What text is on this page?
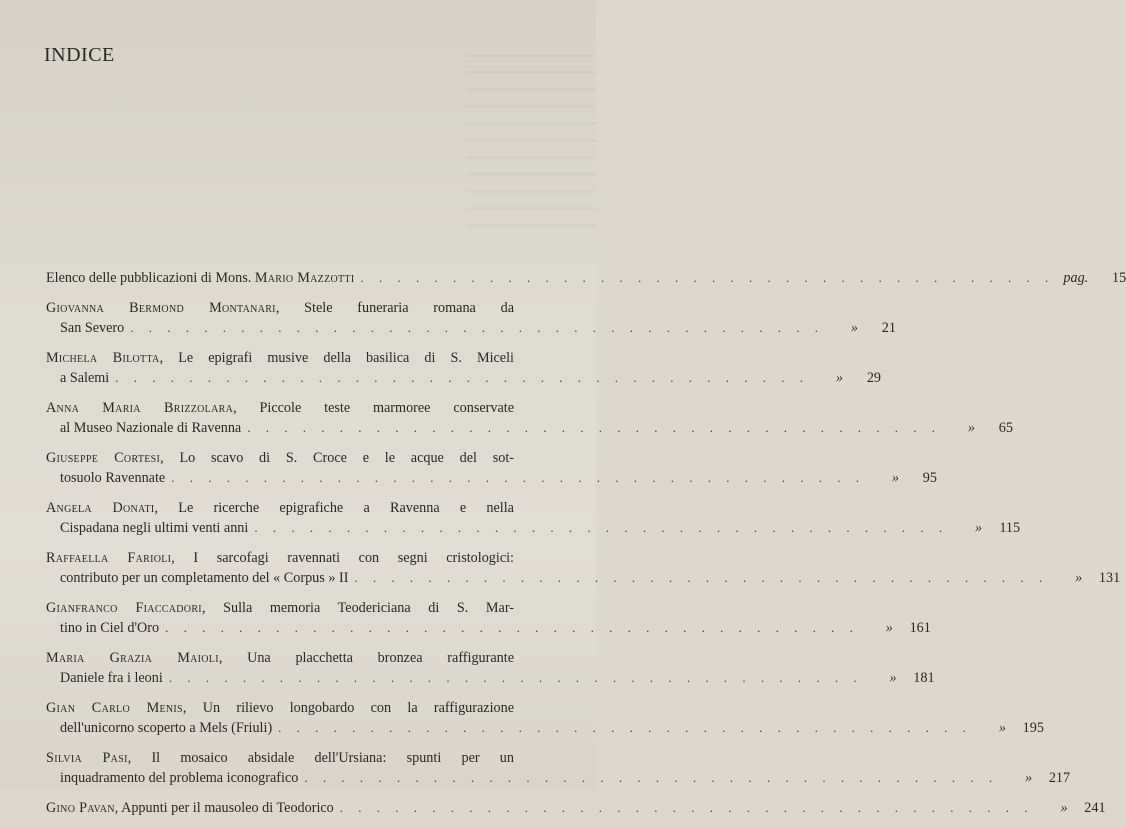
INDICE
Elenco delle pubblicazioni di Mons. Mario Mazzotti . . . . . . . . . . . . . . . . . . . . . . . . . . . . . . . . . . . . . . pag.	15
Giovanna Bermond Montanari, Stele funeraria romana da
San Severo . . . . . . . . . . . . . . . . . . . . . . . . . . . . . . . . . . . . . .	»	21
Michela Bilotta, Le epigrafi musive della basilica di S. Miceli
a Salemi . . . . . . . . . . . . . . . . . . . . . . . . . . . . . . . . . . . . . .	»	29
Anna Maria Brizzolara, Piccole teste marmoree conservate
al Museo Nazionale di Ravenna . . . . . . . . . . . . . . . . . . . . . . . . . . . . . . . . . . . . . .	»	65
Giuseppe Cortesi, Lo scavo di S. Croce e le acque del sot-
tosuolo Ravennate . . . . . . . . . . . . . . . . . . . . . . . . . . . . . . . . . . . . . .	»	95
Angela Donati, Le ricerche epigrafiche a Ravenna e nella
Cispadana negli ultimi venti anni . . . . . . . . . . . . . . . . . . . . . . . . . . . . . . . . . . . . . .	»	115
Raffaella Farioli, I sarcofagi ravennati con segni cristologici:
contributo per un completamento del « Corpus » II . . . . . . . . . . . . . . . . . . . . . . . . . . . . . . . . . . . . . .	»	131
Gianfranco Fiaccadori, Sulla memoria Teodericiana di S. Mar-
tino in Ciel d'Oro . . . . . . . . . . . . . . . . . . . . . . . . . . . . . . . . . . . . . .	»	161
Maria Grazia Maioli, Una placchetta bronzea raffigurante
Daniele fra i leoni . . . . . . . . . . . . . . . . . . . . . . . . . . . . . . . . . . . . . .	»	181
Gian Carlo Menis, Un rilievo longobardo con la raffigurazione
dell'unicorno scoperto a Mels (Friuli) . . . . . . . . . . . . . . . . . . . . . . . . . . . . . . . . . . . . . .	»	195
Silvia Pasi, Il mosaico absidale dell'Ursiana: spunti per un
inquadramento del problema iconografico . . . . . . . . . . . . . . . . . . . . . . . . . . . . . . . . . . . . . .	»	217
Gino Pavan, Appunti per il mausoleo di Teodorico . . . . . . . . . . . . . . . . . . . . . . . . . . . . . . . . . . . . . .	»	241
